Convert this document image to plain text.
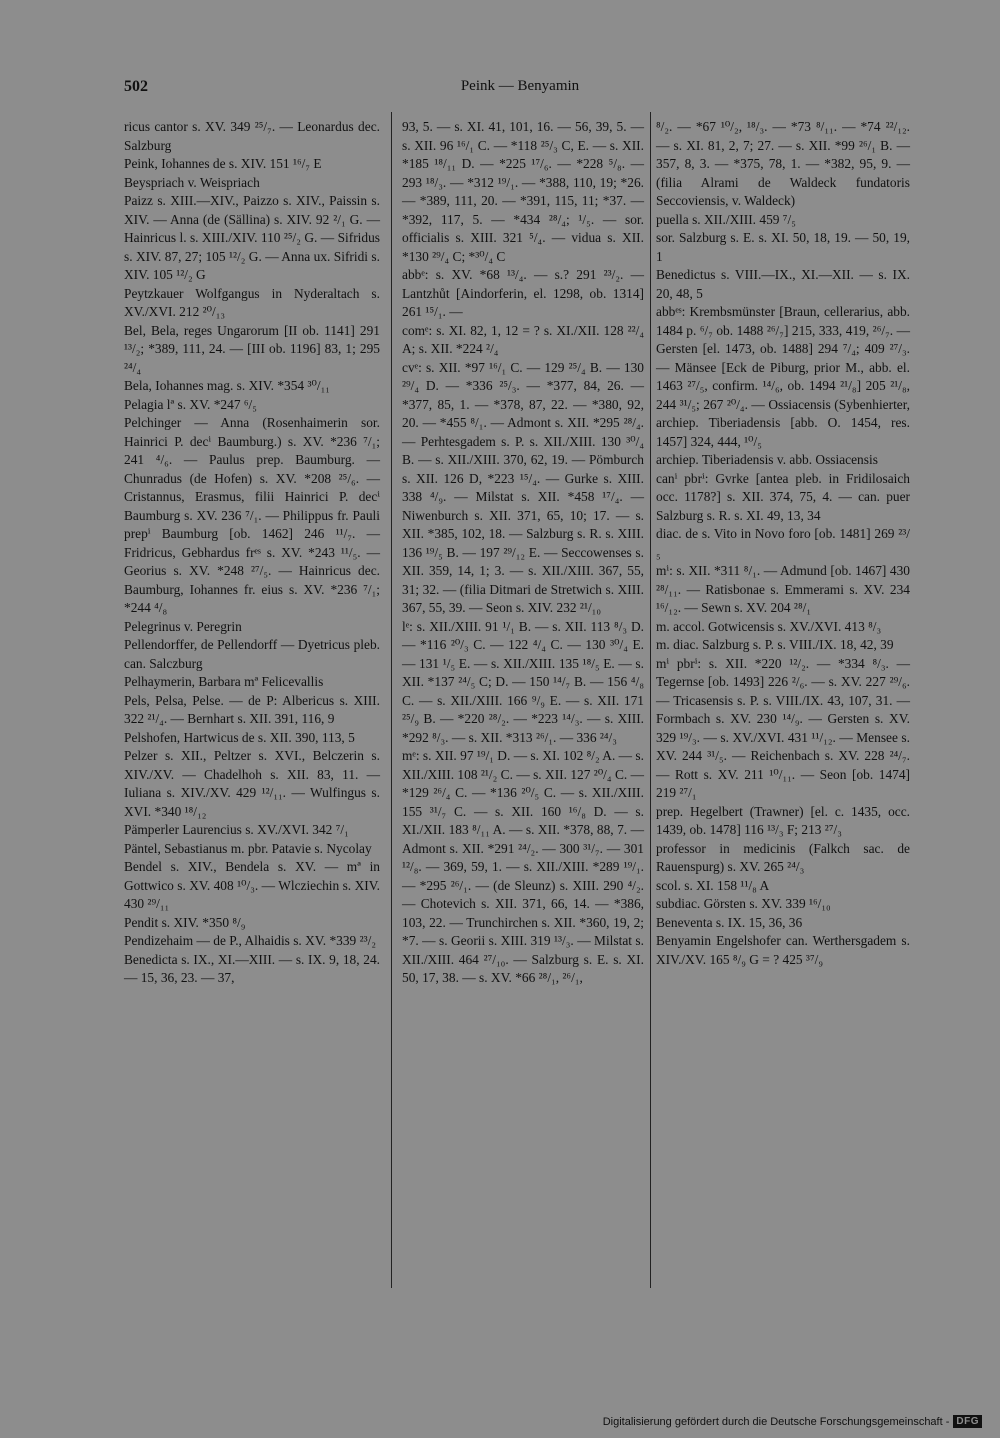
502	Peink — Benyamin

ricus cantor s. XV. 349 ²⁵/₇. — Leonardus dec. Salzburg

Peink, Iohannes de s. XIV. 151 ¹⁶/₇ E

Beyspriach v. Weispriach

Paizz s. XIII.—XIV., Paizzo s. XIV., Paissin s. XIV. — Anna (de (Sällina) s. XIV. 92 ²/₁ G. — Hainricus l. s. XIII./XIV. 110 ²⁵/₂ G. — Sifridus s. XIV. 87, 27; 105 ¹²/₂ G. — Anna ux. Sifridi s. XIV. 105 ¹²/₂ G

Peytzkauer Wolfgangus in Nyderaltach s. XV./XVI. 212 ²⁰/₁₃

Bel, Bela, reges Ungarorum [II ob. 1141] 291 ¹³/₂; *389, 111, 24. — [III ob. 1196] 83, 1; 295 ²⁴/₄

Bela, Iohannes mag. s. XIV. *354 ³⁰/₁₁

Pelagia lª s. XV. *247 ⁶/₅

Pelchinger — Anna (Rosenhaimerin sor. Hainrici P. decⁱ Baumburg.) s. XV. *236 ⁷/₁; 241 ⁴/₆. — Paulus prep. Baumburg. — Chunradus (de Hofen) s. XV. *208 ²⁵/₆. — Cristannus, Erasmus, filii Hainrici P. decⁱ Baumburg s. XV. 236 ⁷/₁. — Philippus fr. Pauli prepⁱ Baumburg [ob. 1462] 246 ¹¹/₇. — Fridricus, Gebhardus frᵉˢ s. XV. *243 ¹¹/₅. — Georius s. XV. *248 ²⁷/₅. — Hainricus dec. Baumburg, Iohannes fr. eius s. XV. *236 ⁷/₁; *244 ⁴/₈

Pelegrinus v. Peregrin

Pellendorffer, de Pellendorff — Dyetricus pleb. can. Salczburg

Pelhaymerin, Barbara mª Felicevallis

Pels, Pelsa, Pelse. — de P: Albericus s. XIII. 322 ²¹/₄. — Bernhart s. XII. 391, 116, 9

Pelshofen, Hartwicus de s. XII. 390, 113, 5

Pelzer s. XII., Peltzer s. XVI., Belczerin s. XIV./XV. — Chadelhoh s. XII. 83, 11. — Iuliana s. XIV./XV. 429 ¹²/₁₁. — Wulfingus s. XVI. *340 ¹⁸/₁₂

Pämperler Laurencius s. XV./XVI. 342 ⁷/₁

Päntel, Sebastianus m. pbr. Patavie s. Nycolay

Bendel s. XIV., Bendela s. XV. — mª in Gottwico s. XV. 408 ¹⁰/₃. — Wlcziechin s. XIV. 430 ²⁹/₁₁

Pendit s. XIV. *350 ⁸/₉

Pendizehaim — de P., Alhaidis s. XV. *339 ²³/₂

Benedicta s. IX., XI.—XIII. — s. IX. 9, 18, 24. — 15, 36, 23. — 37,

93, 5. — s. XI. 41, 101, 16. — 56, 39, 5. — s. XII. 96 ¹⁶/₁ C. — *118 ²⁵/₃ C, E. — s. XII. *185 ¹⁸/₁₁ D. — *225 ¹⁷/₆. — *228 ⁵/₈. — 293 ¹⁸/₃. — *312 ¹⁹/₁. — *388, 110, 19; *26. — *389, 111, 20. — *391, 115, 11; *37. — *392, 117, 5. — *434 ²⁸/₄; ¹/₅. — sor. officialis s. XIII. 321 ⁵/₄. — vidua s. XII. *130 ²⁹/₄ C; *³⁰/₄ C

abbᵉ: s. XV. *68 ¹³/₄. — s.? 291 ²³/₂. — Lantzhůt [Aindorferin, el. 1298, ob. 1314] 261 ¹⁵/₁. —

comᵉ: s. XI. 82, 1, 12 = ? s. XI./XII. 128 ²²/₄ A; s. XII. *224 ²/₄

cvᵉ: s. XII. *97 ¹⁶/₁ C. — 129 ²⁵/₄ B. — 130 ²⁹/₄ D. — *336 ²⁵/₃. — *377, 84, 26. — *377, 85, 1. — *378, 87, 22. — *380, 92, 20. — *455 ⁸/₁. — Admont s. XII. *295 ²⁸/₄. — Perhtesgadem s. P. s. XII./XIII. 130 ³⁰/₄ B. — s. XII./XIII. 370, 62, 19. — Pömburch s. XII. 126 D, *223 ¹⁵/₄. — Gurke s. XIII. 338 ⁴/₉. — Milstat s. XII. *458 ¹⁷/₄. — Niwenburch s. XII. 371, 65, 10; 17. — s. XII. *385, 102, 18. — Salzburg s. R. s. XIII. 136 ¹⁹/₅ B. — 197 ²⁹/₁₂ E. — Seccowenses s. XII. 359, 14, 1; 3. — s. XII./XIII. 367, 55, 31; 32. — (filia Ditmari de Stretwich s. XIII. 367, 55, 39. — Seon s. XIV. 232 ²¹/₁₀

lᵉ: s. XII./XIII. 91 ¹/₁ B. — s. XII. 113 ⁸/₃ D. — *116 ²⁰/₃ C. — 122 ⁴/₄ C. — 130 ³⁰/₄ E. — 131 ¹/₅ E. — s. XII./XIII. 135 ¹⁸/₅ E. — s. XII. *137 ²⁴/₅ C; D. — 150 ¹⁴/₇ B. — 156 ⁴/₈ C. — s. XII./XIII. 166 ⁹/₉ E. — s. XII. 171 ²⁵/₉ B. — *220 ²⁸/₂. — *223 ¹⁴/₃. — s. XIII. *292 ⁸/₃. — s. XII. *313 ²⁶/₁. — 336 ²⁴/₃

mᵉ: s. XII. 97 ¹⁹/₁ D. — s. XI. 102 ⁸/₂ A. — s. XII./XIII. 108 ²¹/₂ C. — s. XII. 127 ²⁰/₄ C. — *129 ²⁶/₄ C. — *136 ²⁰/₅ C. — s. XII./XIII. 155 ³¹/₇ C. — s. XII. 160 ¹⁶/₈ D. — s. XI./XII. 183 ⁸/₁₁ A. — s. XII. *378, 88, 7. — Admont s. XII. *291 ²⁴/₂. — 300 ³¹/₇. — 301 ¹²/₈. — 369, 59, 1. — s. XII./XIII. *289 ¹⁹/₁. — *295 ²⁶/₁. — (de Sleunz) s. XIII. 290 ⁴/₂. — Chotevich s. XII. 371, 66, 14. — *386, 103, 22. — Trunchirchen s. XII. *360, 19, 2; *7. — s. Georii s. XIII. 319 ¹³/₃. — Milstat s. XII./XIII. 464 ²⁷/₁₀. — Salzburg s. E. s. XI. 50, 17, 38. — s. XV. *66 ²⁸/₁, ²⁶/₁,

⁸/₂. — *67 ¹⁰/₂, ¹⁸/₃. — *73 ⁸/₁₁. — *74 ²²/₁₂. — s. XI. 81, 2, 7; 27. — s. XII. *99 ²⁶/₁ B. — 357, 8, 3. — *375, 78, 1. — *382, 95, 9. — (filia Alrami de Waldeck fundatoris Seccoviensis, v. Waldeck)

puella s. XII./XIII. 459 ⁷/₅

sor. Salzburg s. E. s. XI. 50, 18, 19. — 50, 19, 1

Benedictus s. VIII.—IX., XI.—XII. — s. IX. 20, 48, 5

abbᵉˢ: Krembsmünster [Braun, cellerarius, abb. 1484 p. ⁶/₇ ob. 1488 ²⁶/₇] 215, 333, 419, ²⁶/₇. — Gersten [el. 1473, ob. 1488] 294 ⁷/₄; 409 ²⁷/₃. — Mänsee [Eck de Piburg, prior M., abb. el. 1463 ²⁷/₅, confirm. ¹⁴/₆, ob. 1494 ²¹/₈] 205 ²¹/₈, 244 ³¹/₅; 267 ²⁰/₄. — Ossiacensis (Sybenhierter, archiep. Tiberiadensis [abb. O. 1454, res. 1457] 324, 444, ¹⁰/₅

archiep. Tiberiadensis v. abb. Ossiacensis

canⁱ pbrⁱ: Gvrke [antea pleb. in Fridilosaich occ. 1178?] s. XII. 374, 75, 4. — can. puer Salzburg s. R. s. XI. 49, 13, 34

diac. de s. Vito in Novo foro [ob. 1481] 269 ²³/₅

mⁱ: s. XII. *311 ⁸/₁. — Admund [ob. 1467] 430 ²⁸/₁₁. — Ratisbonae s. Emmerami s. XV. 234 ¹⁶/₁₂. — Sewn s. XV. 204 ²⁸/₁

m. accol. Gotwicensis s. XV./XVI. 413 ⁸/₃

m. diac. Salzburg s. P. s. VIII./IX. 18, 42, 39

mⁱ pbrⁱ: s. XII. *220 ¹²/₂. — *334 ⁸/₃. — Tegernse [ob. 1493] 226 ²/₆. — s. XV. 227 ²⁹/₆. — Tricasensis s. P. s. VIII./IX. 43, 107, 31. — Formbach s. XV. 230 ¹⁴/₉. — Gersten s. XV. 329 ¹⁹/₃. — s. XV./XVI. 431 ¹¹/₁₂. — Mensee s. XV. 244 ³¹/₅. — Reichenbach s. XV. 228 ²⁴/₇. — Rott s. XV. 211 ¹⁰/₁₁. — Seon [ob. 1474] 219 ²⁷/₁

prep. Hegelbert (Trawner) [el. c. 1435, occ. 1439, ob. 1478] 116 ¹³/₃ F; 213 ²⁷/₃

professor in medicinis (Falkch sac. de Rauenspurg) s. XV. 265 ²⁴/₃

scol. s. XI. 158 ¹¹/₈ A

subdiac. Görsten s. XV. 339 ¹⁶/₁₀

Beneventa s. IX. 15, 36, 36

Benyamin Engelshofer can. Werthersgadem s. XIV./XV. 165 ⁸/₉ G = ? 425 ³⁷/₉

Digitalisierung gefördert durch die Deutsche Forschungsgemeinschaft - DFG
